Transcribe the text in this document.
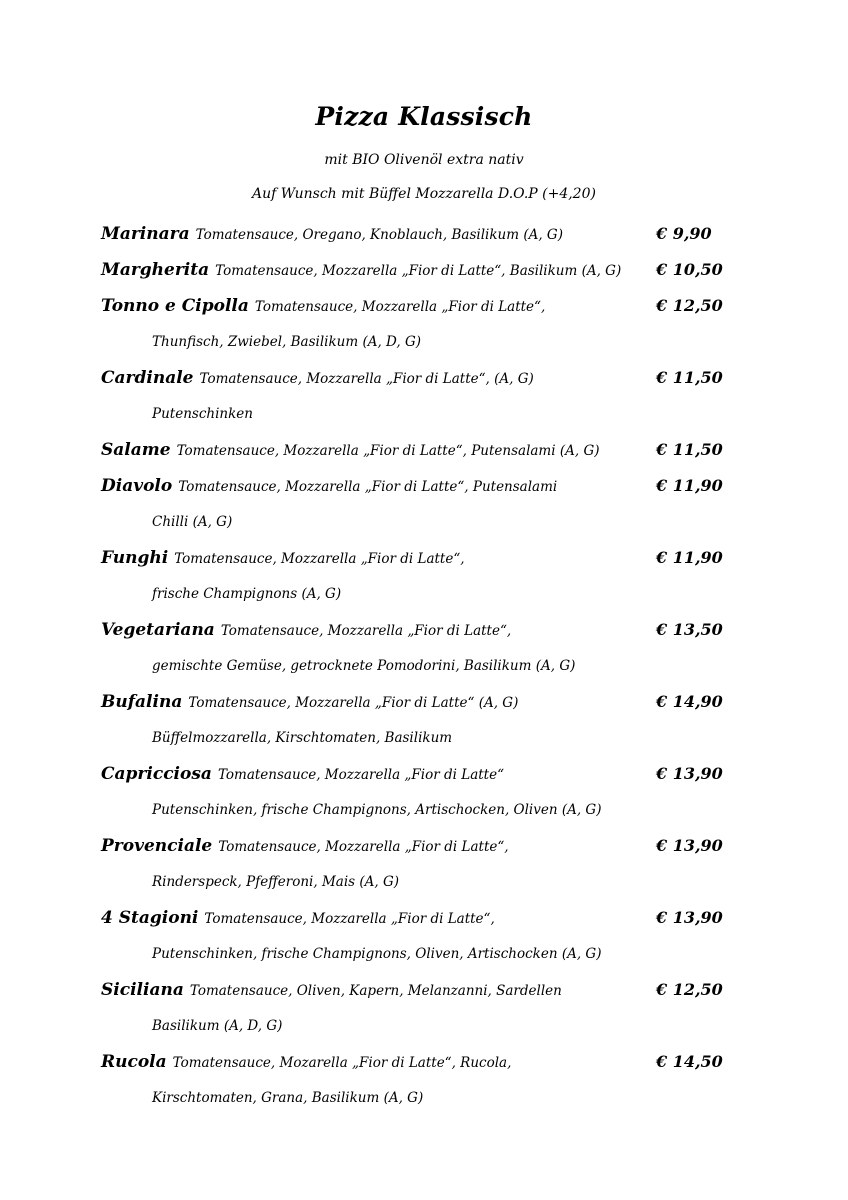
Pizza Klassisch
mit BIO Olivenöl extra nativ
Auf Wunsch mit Büffel Mozzarella D.O.P (+4,20)
Marinara Tomatensauce, Oregano, Knoblauch, Basilikum (A, G)	€ 9,90
Margherita Tomatensauce, Mozzarella „Fior di Latte“, Basilikum (A, G) € 10,50
Tonno e Cipolla Tomatensauce, Mozzarella „Fior di Latte“,	€ 12,50
Thunfisch, Zwiebel, Basilikum (A, D, G)
Cardinale Tomatensauce, Mozzarella „Fior di Latte“, (A, G)	€ 11,50
Putenschinken
Salame Tomatensauce, Mozzarella „Fior di Latte“, Putensalami (A, G)	€ 11,50
Diavolo Tomatensauce, Mozzarella „Fior di Latte“, Putensalami	€ 11,90
Chilli (A, G)
Funghi Tomatensauce, Mozzarella „Fior di Latte“,	€ 11,90
frische Champignons (A, G)
Vegetariana Tomatensauce, Mozzarella „Fior di Latte“,	€ 13,50
gemischte Gemüse, getrocknete Pomodorini, Basilikum (A, G)
Bufalina Tomatensauce, Mozzarella „Fior di Latte“ (A, G)	€ 14,90
Büffelmozzarella, Kirschtomaten, Basilikum
Capricciosa Tomatensauce, Mozzarella „Fior di Latte“	€ 13,90
Putenschinken, frische Champignons, Artischocken, Oliven (A, G)
Provenciale Tomatensauce, Mozzarella „Fior di Latte“,	€ 13,90
Rinderspeck, Pfefferoni, Mais (A, G)
4 Stagioni Tomatensauce, Mozzarella „Fior di Latte“,	€ 13,90
Putenschinken, frische Champignons, Oliven, Artischocken (A, G)
Siciliana Tomatensauce, Oliven, Kapern, Melanzanni, Sardellen	€ 12,50
Basilikum (A, D, G)
Rucola Tomatensauce, Mozarella „Fior di Latte“, Rucola,	€ 14,50
Kirschtomaten, Grana, Basilikum (A, G)
